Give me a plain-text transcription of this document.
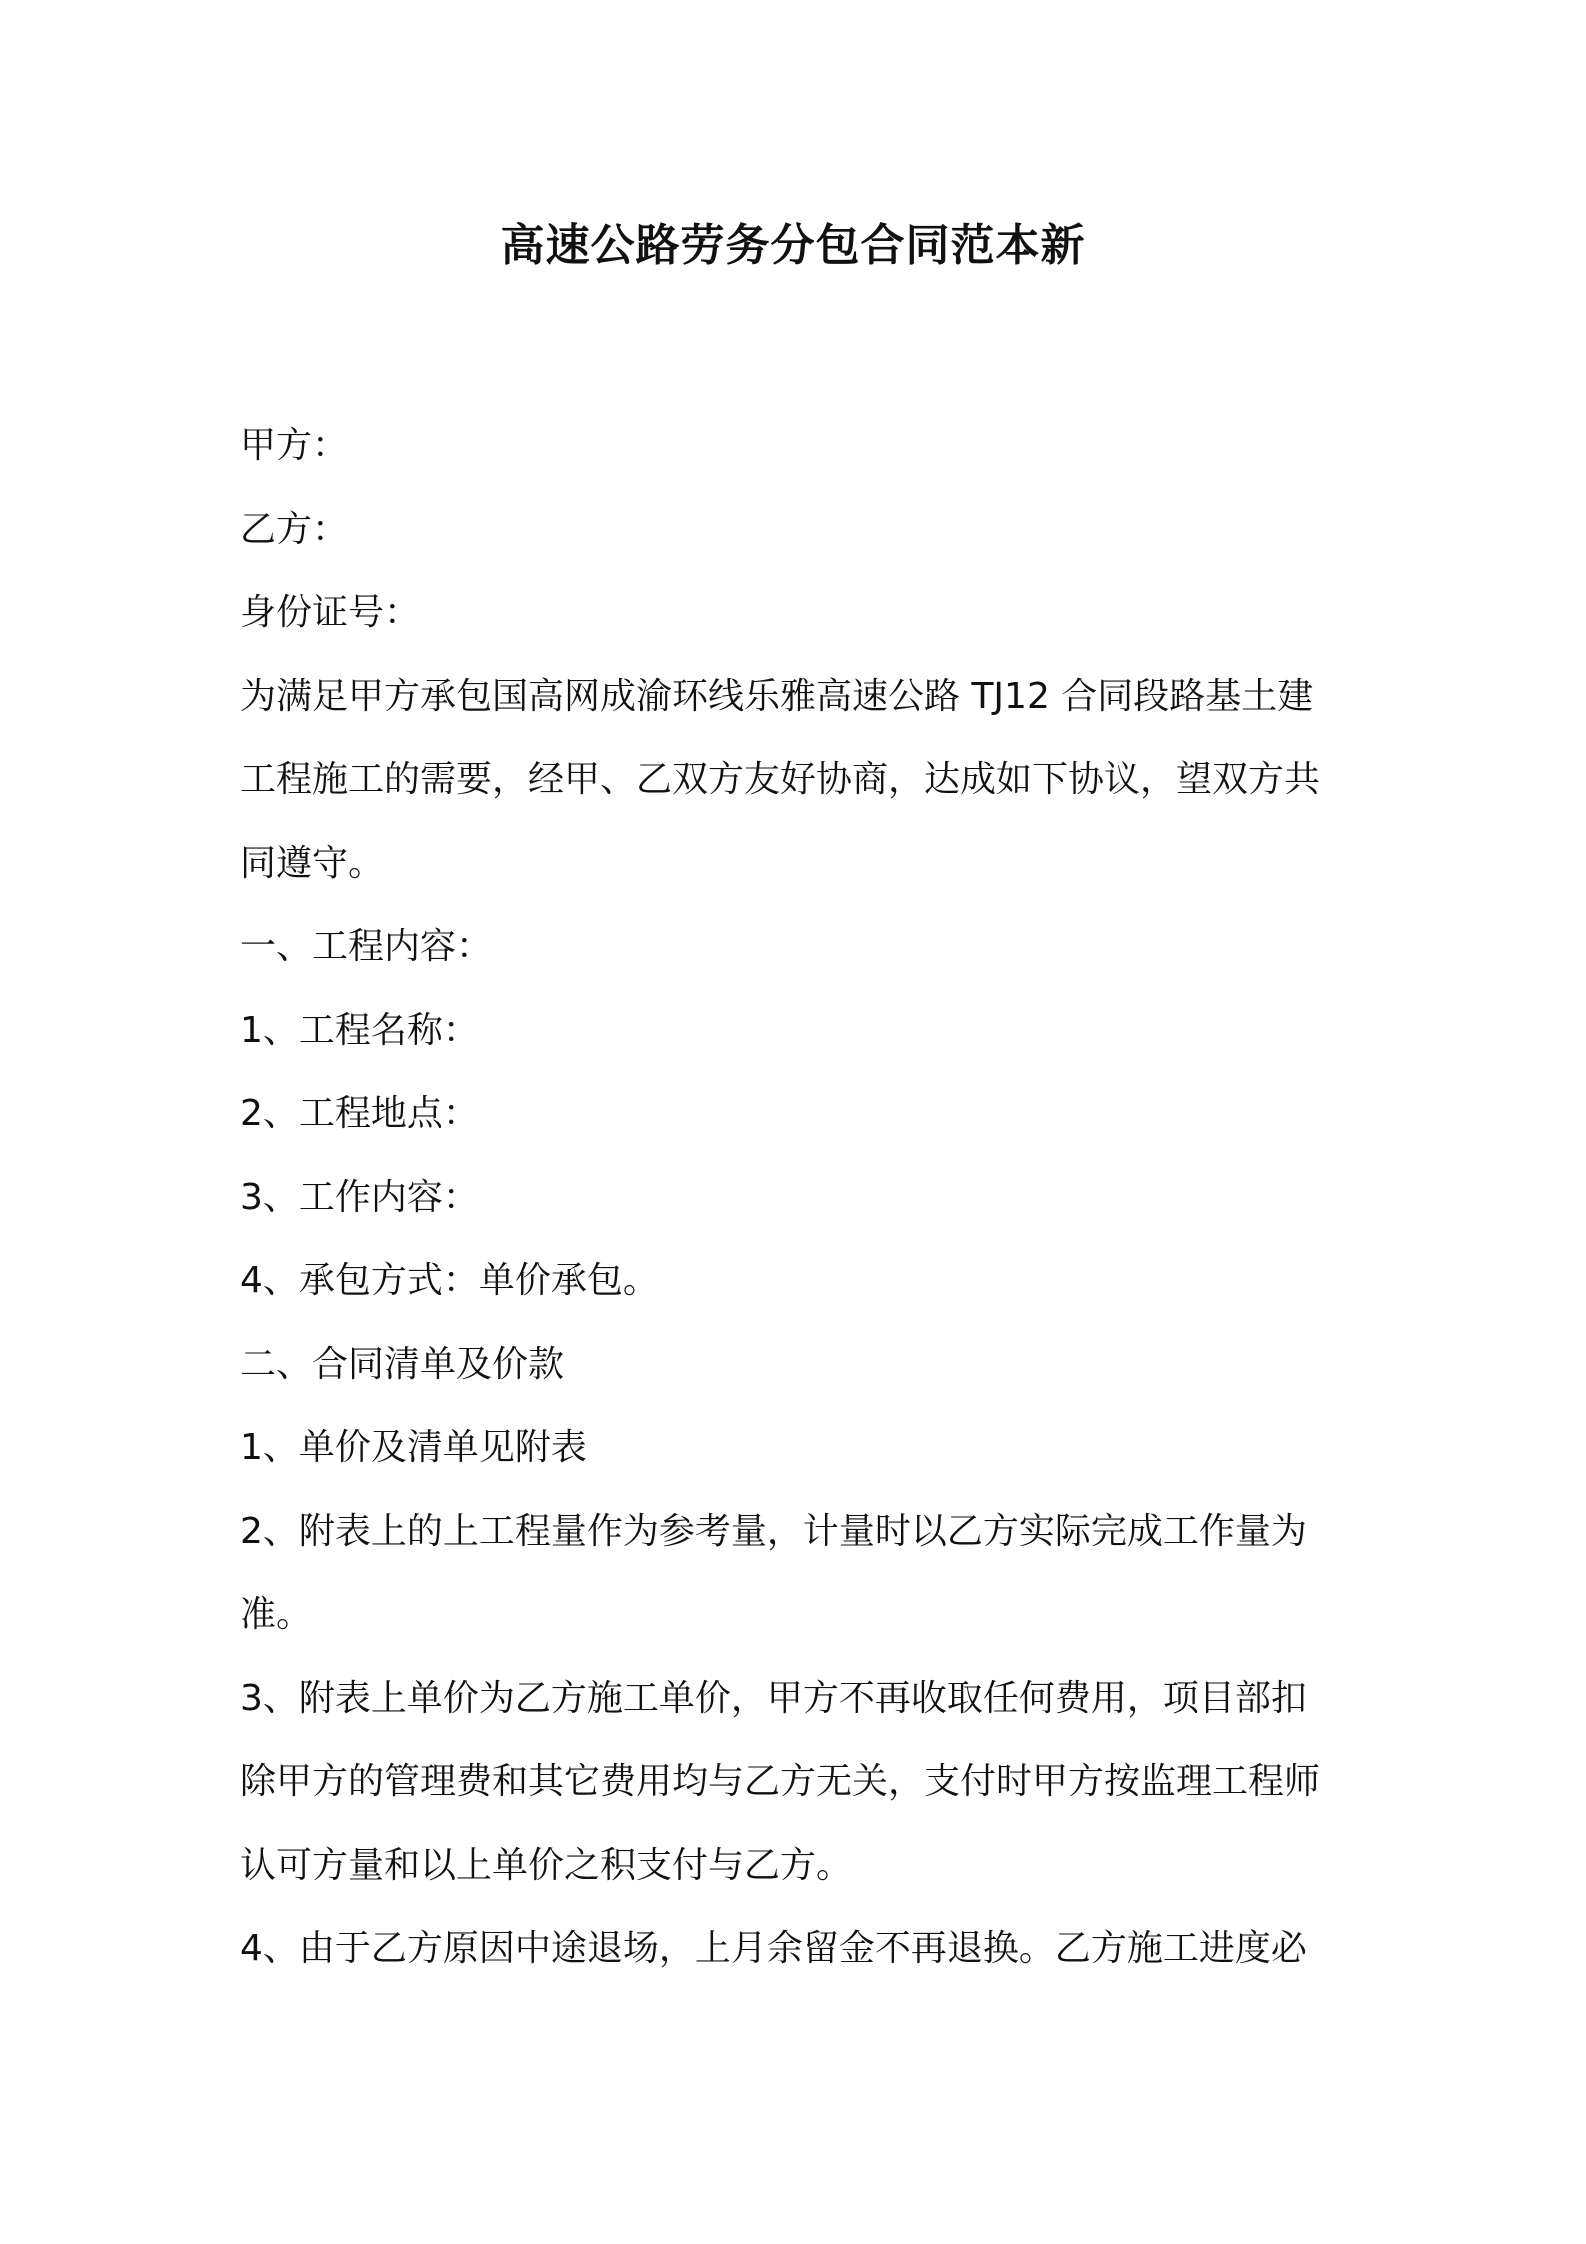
高速公路劳务分包合同范本新

甲方：

乙方：

身份证号：

为满足甲方承包国高网成渝环线乐雅高速公路 TJ12 合同段路基土建

工程施工的需要，经甲、乙双方友好协商，达成如下协议，望双方共

同遵守。

一、工程内容：

1、工程名称：

2、工程地点：

3、工作内容：

4、承包方式：单价承包。

二、合同清单及价款

1、单价及清单见附表

2、附表上的上工程量作为参考量，计量时以乙方实际完成工作量为

准。

3、附表上单价为乙方施工单价，甲方不再收取任何费用，项目部扣

除甲方的管理费和其它费用均与乙方无关，支付时甲方按监理工程师

认可方量和以上单价之积支付与乙方。

4、由于乙方原因中途退场，上月余留金不再退换。乙方施工进度必
